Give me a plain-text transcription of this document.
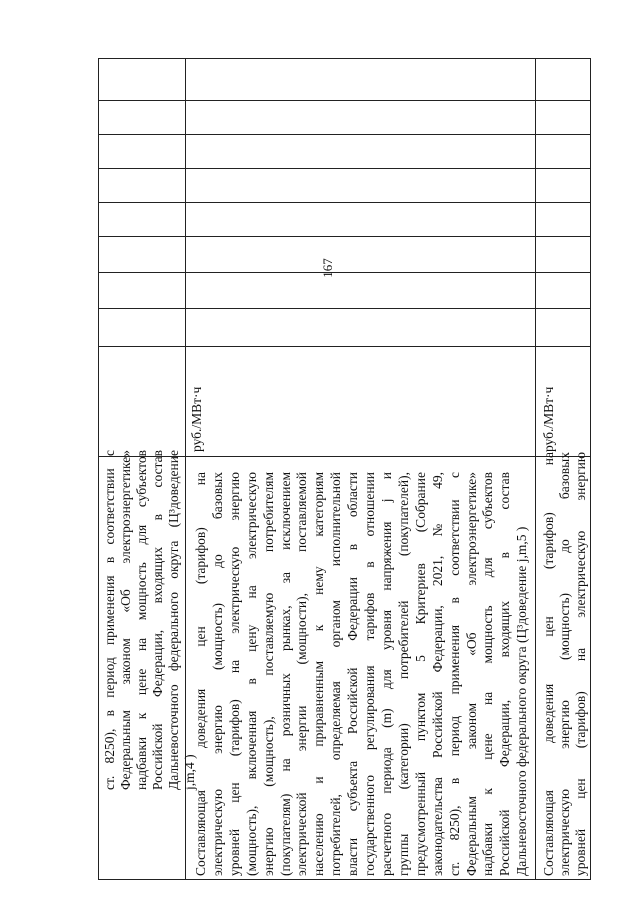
167
ст. 8250), в период применения в соответствии с Федеральным законом «Об электроэнергетике» надбавки к цене на мощность для субъектов Российской Федерации, входящих в состав Дальневосточного федерального округа (Ц³доведение j,m,4 )
руб./МВт·ч
Составляющая доведения цен (тарифов) на электрическую энергию (мощность) до базовых уровней цен (тарифов) на электрическую энергию (мощность), включенная в цену на электрическую энергию (мощность), поставляемую потребителям (покупателям) на розничных рынках, за исключением электрической энергии (мощности), поставляемой населению и приравненным к нему категориям потребителей, определяемая органом исполнительной власти субъекта Российской Федерации в области государственного регулирования тарифов в отношении расчетного периода (m) для уровня напряжения j и группы (категории) потребителей (покупателей), предусмотренный пунктом 5 Критериев (Собрание законодательства Российской Федерации, 2021, № 49, ст. 8250), в период применения в соответствии с Федеральным законом «Об электроэнергетике» надбавки к цене на мощность для субъектов Российской Федерации, входящих в состав Дальневосточного федерального округа (Ц³доведение j,m,5 )
руб./МВт·ч
Составляющая доведения цен (тарифов) на электрическую энергию (мощность) до базовых уровней цен (тарифов) на электрическую энергию
